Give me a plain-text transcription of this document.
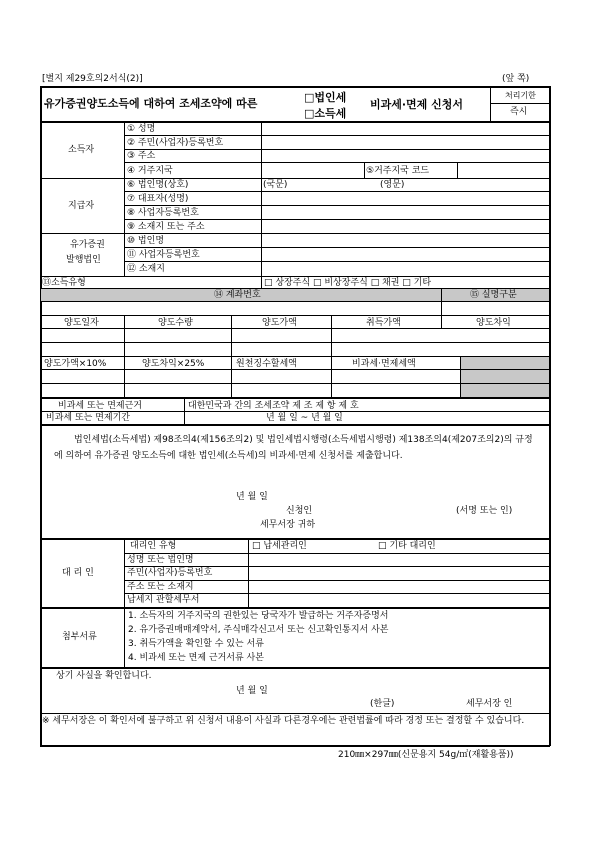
[별지 제29호의2서식(2)]	(앞 쪽)
유가증권양도소득에 대하여 조세조약에 따른	□법인세
□소득세
비과세·면제 신청서
처리기한
즉시
소득자
① 성명
② 주민(사업자)등록번호
③ 주소
④ 거주지국	⑤거주지국 코드
지급자
⑥ 법인명(상호)	(국문)	(영문)
⑦ 대표자(성명)
⑧ 사업자등록번호
⑨ 소재지 또는 주소
유가증권
발행법인
⑩ 법인명
⑪ 사업자등록번호
⑫ 소재지
⑬소득유형	□ 상장주식 □ 비상장주식 □ 채권 □ 기타
⑭ 계좌번호	⑮ 실명구분
양도일자	양도수량	양도가액	취득가액	양도차익
양도가액×10%	양도차익×25%	원천징수할세액	비과세·면제세액
비과세 또는 면제근거	대한민국과 간의 조세조약 제 조 제 항 제 호
비과세 또는 면제기간	년 월 일 ~ 년 월 일
법인세법(소득세법) 제98조의4(제156조의2) 및 법인세법시행령(소득세법시행령) 제138조의4(제207조의2)의 규정에 의하여 유가증권 양도소득에 대한 법인세(소득세)의 비과세·면제 신청서를 제출합니다.
년 월 일
신청인	(서명 또는 인)
세무서장 귀하
대 리 인
대리인 유형	□ 납세관리인	□ 기타 대리인
성명 또는 법인명
주민(사업자)등록번호
주소 또는 소재지
납세지 관할세무서
첨부서류
1. 소득자의 거주지국의 권한있는 당국자가 발급하는 거주자증명서
2. 유가증권매매계약서, 주식매각신고서 또는 신고확인통지서 사본
3. 취득가액을 확인할 수 있는 서류
4. 비과세 또는 면제 근거서류 사본
상기 사실을 확인합니다.
년 월 일
(한글)	세무서장 인
※ 세무서장은 이 확인서에 불구하고 위 신청서 내용이 사실과 다른경우에는 관련법률에 따라 경정 또는 결정할 수 있습니다.
210㎜×297㎜(신문용지 54g/㎡(재활용품))
